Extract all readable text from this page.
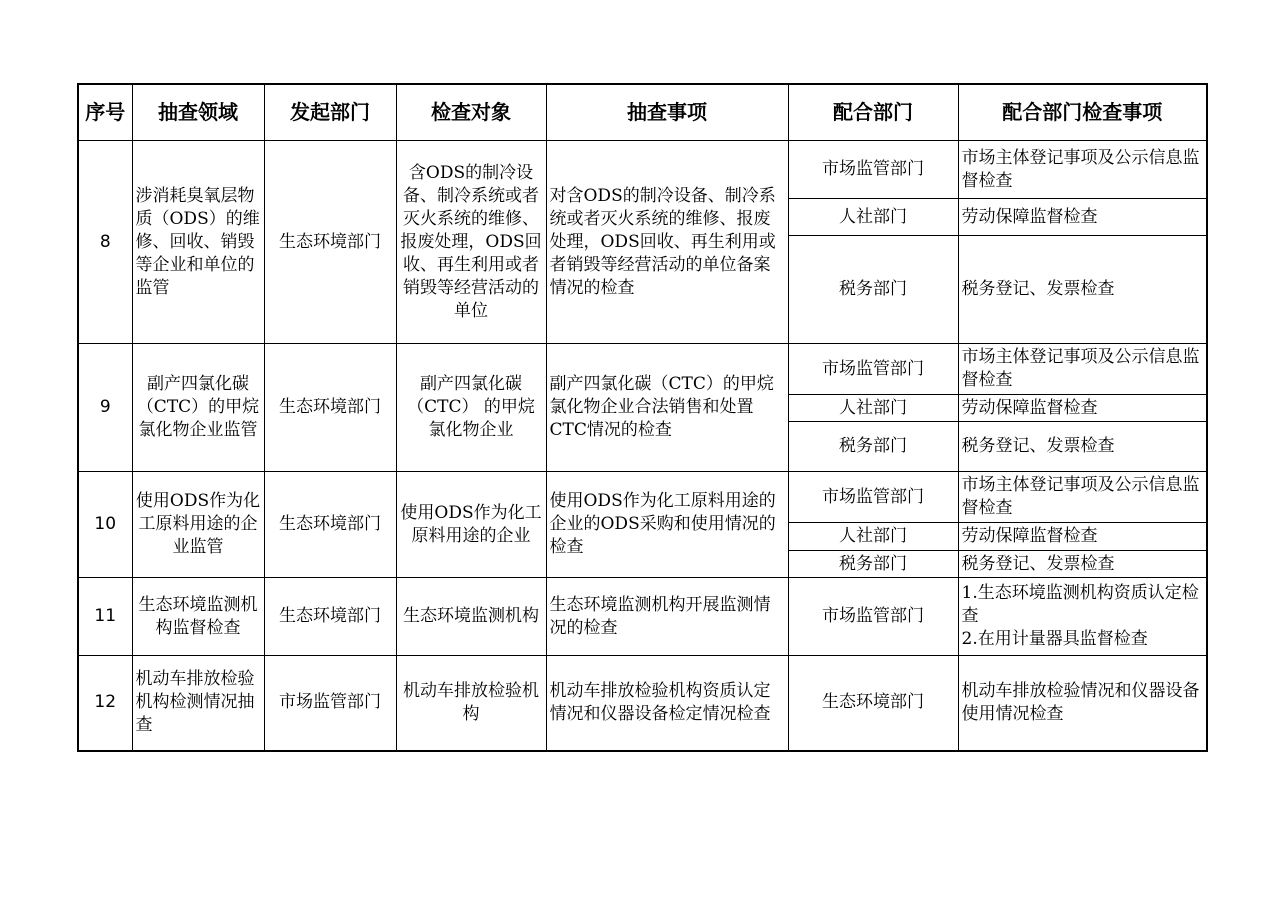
序号	抽查领域	发起部门	检查对象	抽查事项	配合部门	配合部门检查事项
8	涉消耗臭氧层物质（ODS）的维修、回收、销毁等企业和单位的监管	生态环境部门	含ODS的制冷设备、制冷系统或者灭火系统的维修、报废处理，ODS回收、再生利用或者销毁等经营活动的单位	对含ODS的制冷设备、制冷系统或者灭火系统的维修、报废处理，ODS回收、再生利用或者销毁等经营活动的单位备案情况的检查	市场监管部门	市场主体登记事项及公示信息监督检查
					人社部门	劳动保障监督检查
					税务部门	税务登记、发票检查
9	副产四氯化碳（CTC）的甲烷氯化物企业监管	生态环境部门	副产四氯化碳（CTC） 的甲烷氯化物企业	副产四氯化碳（CTC）的甲烷氯化物企业合法销售和处置CTC情况的检查	市场监管部门	市场主体登记事项及公示信息监督检查
					人社部门	劳动保障监督检查
					税务部门	税务登记、发票检查
10	使用ODS作为化工原料用途的企业监管	生态环境部门	使用ODS作为化工原料用途的企业	使用ODS作为化工原料用途的企业的ODS采购和使用情况的检查	市场监管部门	市场主体登记事项及公示信息监督检查
					人社部门	劳动保障监督检查
					税务部门	税务登记、发票检查
11	生态环境监测机构监督检查	生态环境部门	生态环境监测机构	生态环境监测机构开展监测情况的检查	市场监管部门	1.生态环境监测机构资质认定检查
2.在用计量器具监督检查

12	机动车排放检验机构检测情况抽查	市场监管部门	机动车排放检验机构	机动车排放检验机构资质认定情况和仪器设备检定情况检查	生态环境部门	机动车排放检验情况和仪器设备使用情况检查
